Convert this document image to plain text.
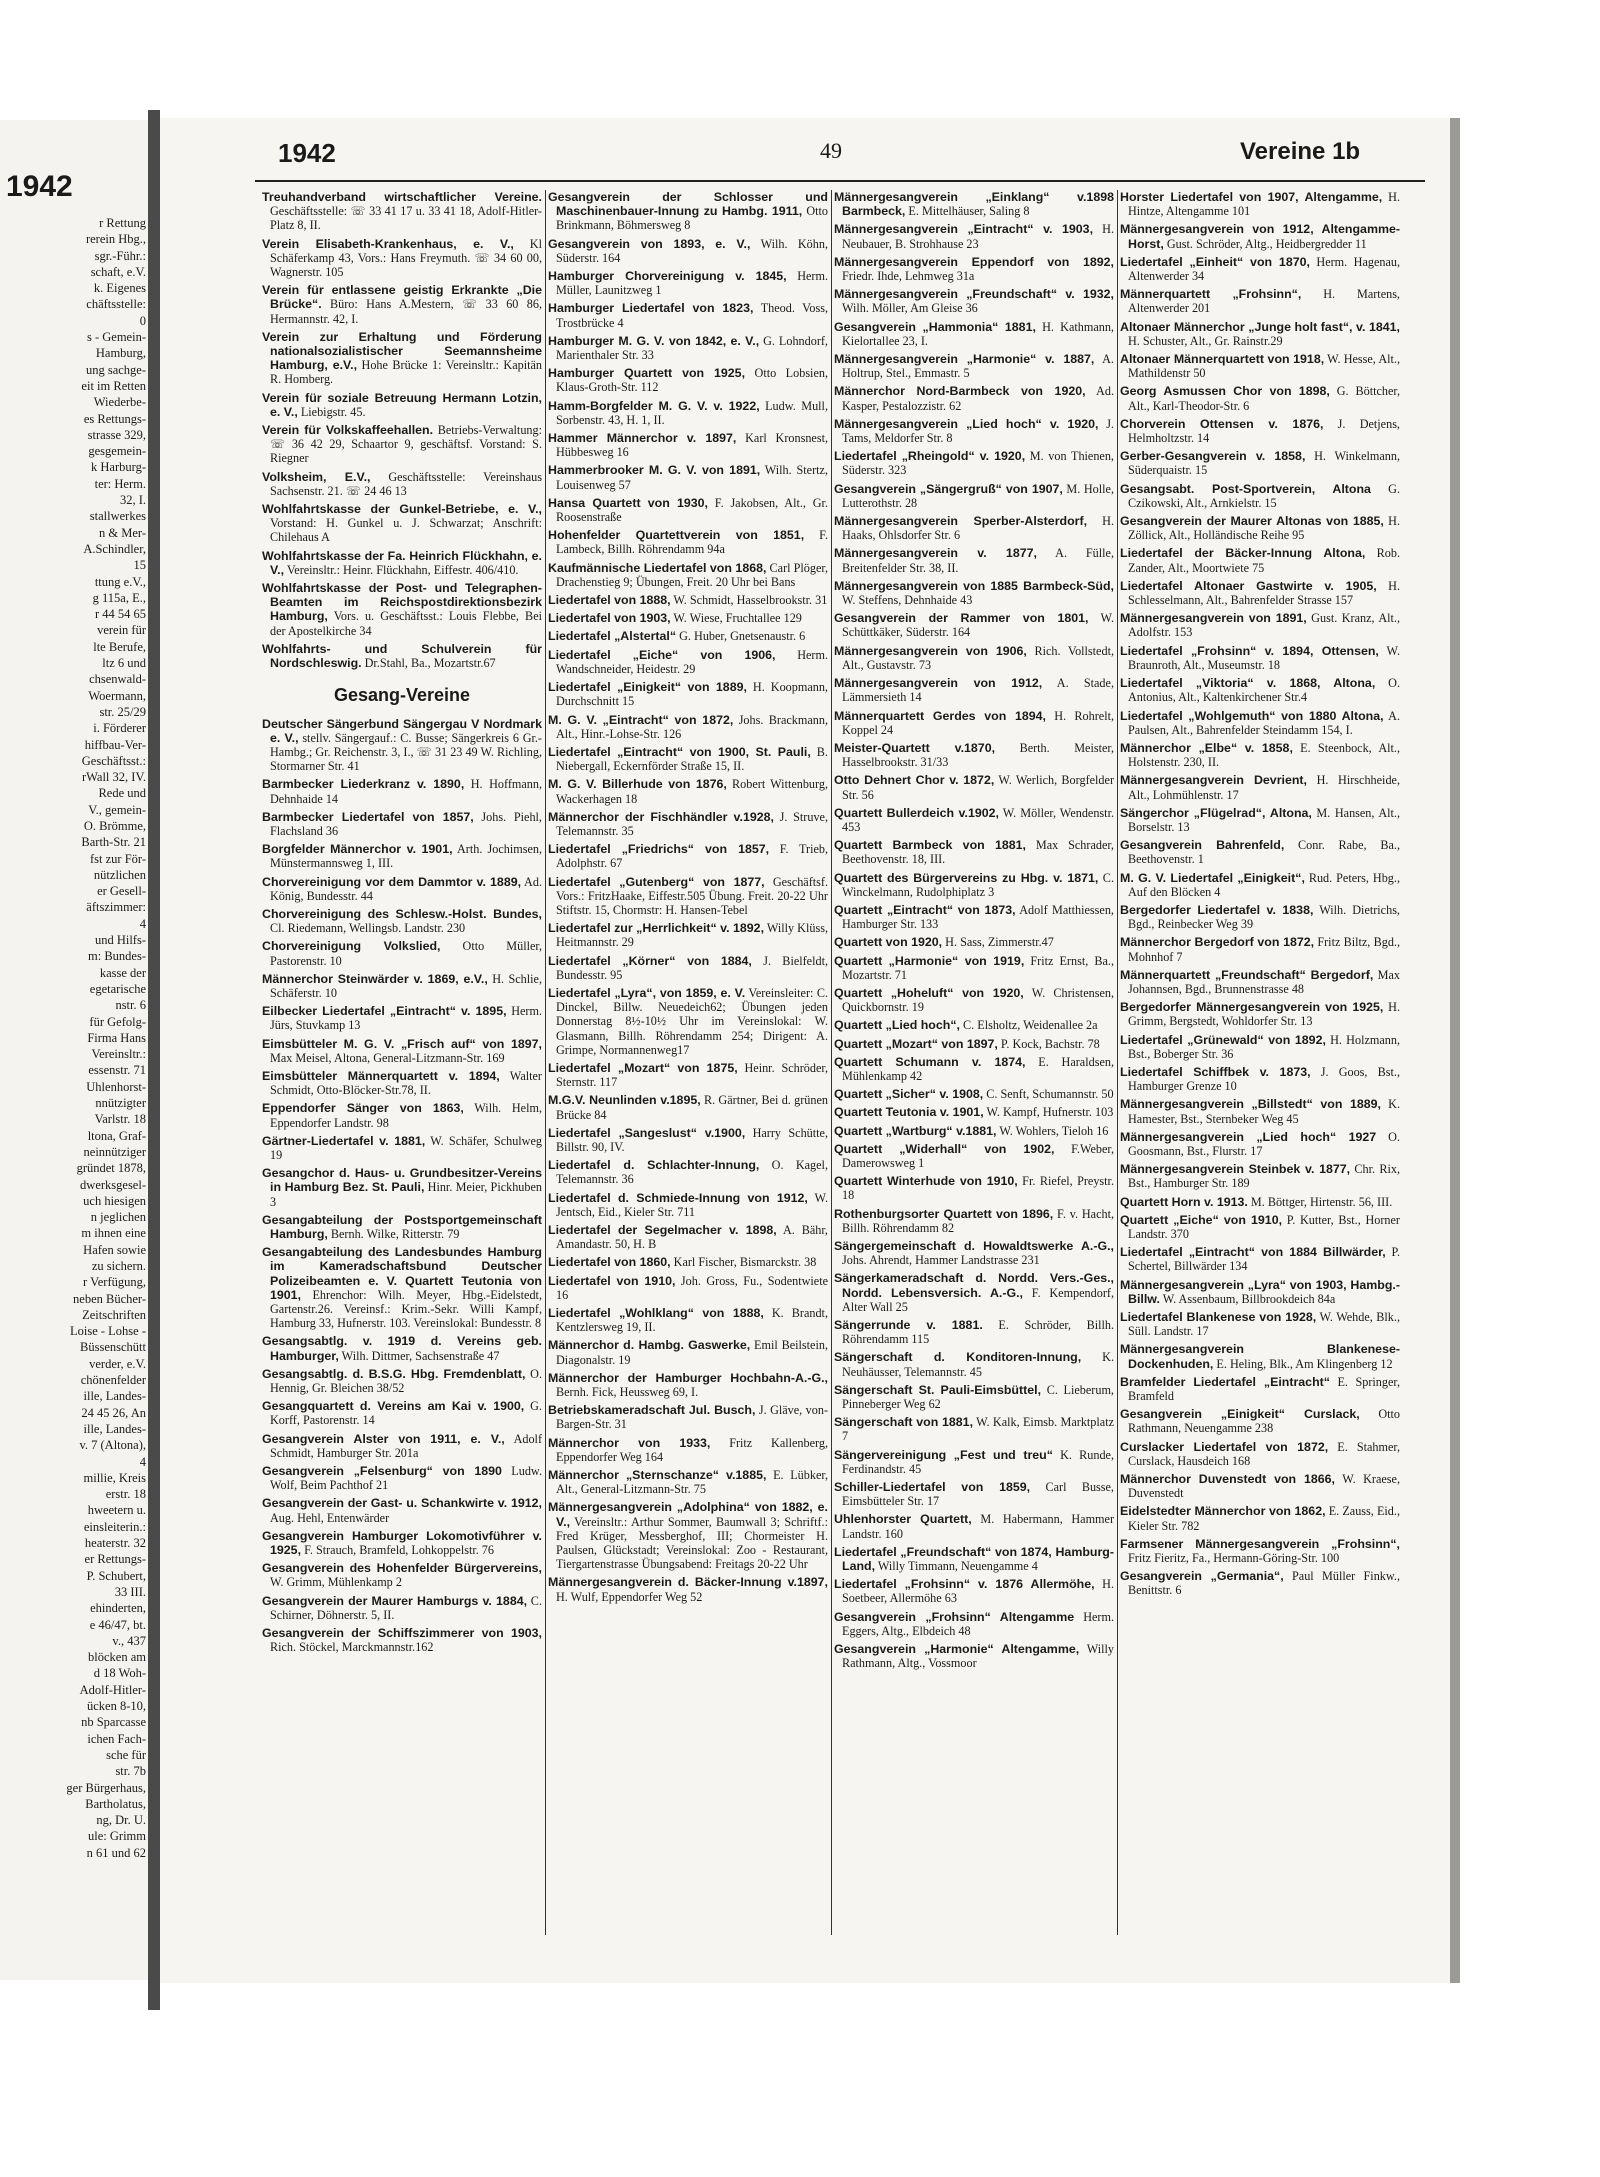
1942
r Rettung
rerein Hbg.,
sgr.-Führ.:
schaft, e.V.
k. Eigenes
chäftsstelle:
0
s - Gemein-
Hamburg,
ung sachge-
eit im Retten
Wiederbe-
es Rettungs-
strasse 329,
gesgemein-
k Harburg-
ter: Herm.
32, I.
stallwerkes
n & Mer-
A.Schindler,
15
ttung e.V.,
g 115a, E.,
r 44 54 65
verein für
lte Berufe,
ltz 6 und
chsenwald-
Woermann,
str. 25/29
i. Förderer
hiffbau-Ver-
Geschäftsst.:
rWall 32, IV.
Rede und
V., gemein-
O. Brömme,
Barth-Str. 21
fst zur För-
nützlichen
er Gesell-
äftszimmer:
4
und Hilfs-
m: Bundes-
kasse der
egetarische
nstr. 6
für Gefolg-
Firma Hans
Vereinsltr.:
essenstr. 71
Uhlenhorst-
nnützigter
Varlstr. 18
ltona, Graf-
neinnütziger
gründet 1878,
dwerksgesel-
uch hiesigen
n jeglichen
m ihnen eine
Hafen sowie
zu sichern.
r Verfügung,
neben Bücher-
Zeitschriften
Loise - Lohse -
Büssenschütt
verder, e.V.
chönenfelder
ille, Landes-
24 45 26, An
ille, Landes-
v. 7 (Altona),
4
millie, Kreis
erstr. 18
hweetern u.
einsleiterin.:
heaterstr. 32
er Rettungs-
P. Schubert,
33 III.
ehinderten,
e 46/47, bt.
v., 437
blöcken am
d 18 Woh-
Adolf-Hitler-
ücken 8-10,
nb Sparcasse
ichen Fach-
sche für
str. 7b
ger Bürgerhaus,
Bartholatus,
ng, Dr. U.
ule: Grimm
n 61 und 62
1942	49	Vereine 1b
Treuhandverband wirtschaftlicher Vereine. Geschäftsstelle: ☏ 33 41 17 u. 33 41 18, Adolf-Hitler-Platz 8, II.
Verein Elisabeth-Krankenhaus, e. V., Kl Schäferkamp 43, Vors.: Hans Freymuth. ☏ 34 60 00, Wagnerstr. 105
Verein für entlassene geistig Erkrankte „Die Brücke“. Büro: Hans A.Mestern, ☏ 33 60 86, Hermannstr. 42, I.
Verein zur Erhaltung und Förderung nationalsozialistischer Seemannsheime Hamburg, e.V., Hohe Brücke 1: Vereinsltr.: Kapitän R. Homberg.
Verein für soziale Betreuung Hermann Lotzin, e. V., Liebigstr. 45.
Verein für Volkskaffeehallen. Betriebs-Verwaltung: ☏ 36 42 29, Schaartor 9, geschäftsf. Vorstand: S. Riegner
Volksheim, E.V., Geschäftsstelle: Vereinshaus Sachsenstr. 21. ☏ 24 46 13
Wohlfahrtskasse der Gunkel-Betriebe, e. V., Vorstand: H. Gunkel u. J. Schwarzat; Anschrift: Chilehaus A
Wohlfahrtskasse der Fa. Heinrich Flückhahn, e. V., Vereinsltr.: Heinr. Flückhahn, Eiffestr. 406/410.
Wohlfahrtskasse der Post- und Telegraphen-Beamten im Reichspostdirektionsbezirk Hamburg, Vors. u. Geschäftsst.: Louis Flebbe, Bei der Apostelkirche 34
Wohlfahrts- und Schulverein für Nordschleswig. Dr.Stahl, Ba., Mozartstr.67
Gesang-Vereine
Deutscher Sängerbund Sängergau V Nordmark e. V., stellv. Sängergauf.: C. Busse; Sängerkreis 6 Gr.-Hambg.; Gr. Reichenstr. 3, I., ☏ 31 23 49 W. Richling, Stormarner Str. 41
Barmbecker Liederkranz v. 1890, H. Hoffmann, Dehnhaide 14
Barmbecker Liedertafel von 1857, Johs. Piehl, Flachsland 36
Borgfelder Männerchor v. 1901, Arth. Jochimsen, Münstermannsweg 1, III.
Chorvereinigung vor dem Dammtor v. 1889, Ad. König, Bundesstr. 44
Chorvereinigung des Schlesw.-Holst. Bundes, Cl. Riedemann, Wellingsb. Landstr. 230
Chorvereinigung Volkslied, Otto Müller, Pastorenstr. 10
Männerchor Steinwärder v. 1869, e.V., H. Schlie, Schäferstr. 10
Eilbecker Liedertafel „Eintracht“ v. 1895, Herm. Jürs, Stuvkamp 13
Eimsbütteler M. G. V. „Frisch auf“ von 1897, Max Meisel, Altona, General-Litzmann-Str. 169
Eimsbütteler Männerquartett v. 1894, Walter Schmidt, Otto-Blöcker-Str.78, II.
Eppendorfer Sänger von 1863, Wilh. Helm, Eppendorfer Landstr. 98
Gärtner-Liedertafel v. 1881, W. Schäfer, Schulweg 19
Gesangchor d. Haus- u. Grundbesitzer-Vereins in Hamburg Bez. St. Pauli, Hinr. Meier, Pickhuben 3
Gesangabteilung der Postsportgemeinschaft Hamburg, Bernh. Wilke, Ritterstr. 79
Gesangabteilung des Landesbundes Hamburg im Kameradschaftsbund Deutscher Polizeibeamten e. V. Quartett Teutonia von 1901, Ehrenchor: Wilh. Meyer, Hbg.-Eidelstedt, Gartenstr.26. Vereinsf.: Krim.-Sekr. Willi Kampf, Hamburg 33, Hufnerstr. 103. Vereinslokal: Bundesstr. 8
Gesangsabtlg. v. 1919 d. Vereins geb. Hamburger, Wilh. Dittmer, Sachsenstraße 47
Gesangsabtlg. d. B.S.G. Hbg. Fremdenblatt, O. Hennig, Gr. Bleichen 38/52
Gesangquartett d. Vereins am Kai v. 1900, G. Korff, Pastorenstr. 14
Gesangverein Alster von 1911, e. V., Adolf Schmidt, Hamburger Str. 201a
Gesangverein „Felsenburg“ von 1890 Ludw. Wolf, Beim Pachthof 21
Gesangverein der Gast- u. Schankwirte v. 1912, Aug. Hehl, Entenwärder
Gesangverein Hamburger Lokomotivführer v. 1925, F. Strauch, Bramfeld, Lohkoppelstr. 76
Gesangverein des Hohenfelder Bürgervereins, W. Grimm, Mühlenkamp 2
Gesangverein der Maurer Hamburgs v. 1884, C. Schirner, Döhnerstr. 5, II.
Gesangverein der Schiffszimmerer von 1903, Rich. Stöckel, Marckmannstr.162
Gesangverein der Schlosser und Maschinenbauer-Innung zu Hambg. 1911, Otto Brinkmann, Böhmersweg 8
Gesangverein von 1893, e. V., Wilh. Köhn, Süderstr. 164
Hamburger Chorvereinigung v. 1845, Herm. Müller, Launitzweg 1
Hamburger Liedertafel von 1823, Theod. Voss, Trostbrücke 4
Hamburger M. G. V. von 1842, e. V., G. Lohndorf, Marienthaler Str. 33
Hamburger Quartett von 1925, Otto Lobsien, Klaus-Groth-Str. 112
Hamm-Borgfelder M. G. V. v. 1922, Ludw. Mull, Sorbenstr. 43, H. 1, II.
Hammer Männerchor v. 1897, Karl Kronsnest, Hübbesweg 16
Hammerbrooker M. G. V. von 1891, Wilh. Stertz, Louisenweg 57
Hansa Quartett von 1930, F. Jakobsen, Alt., Gr. Roosenstraße
Hohenfelder Quartettverein von 1851, F. Lambeck, Billh. Röhrendamm 94a
Kaufmännische Liedertafel von 1868, Carl Plöger, Drachenstieg 9; Übungen, Freit. 20 Uhr bei Bans
Liedertafel von 1888, W. Schmidt, Hasselbrookstr. 31
Liedertafel von 1903, W. Wiese, Fruchtallee 129
Liedertafel „Alstertal“ G. Huber, Gnetsenaustr. 6
Liedertafel „Eiche“ von 1906, Herm. Wandschneider, Heidestr. 29
Liedertafel „Einigkeit“ von 1889, H. Koopmann, Durchschnitt 15
M. G. V. „Eintracht“ von 1872, Johs. Brackmann, Alt., Hinr.-Lohse-Str. 126
Liedertafel „Eintracht“ von 1900, St. Pauli, B. Niebergall, Eckernförder Straße 15, II.
M. G. V. Billerhude von 1876, Robert Wittenburg, Wackerhagen 18
Männerchor der Fischhändler v.1928, J. Struve, Telemannstr. 35
Liedertafel „Friedrichs“ von 1857, F. Trieb, Adolphstr. 67
Liedertafel „Gutenberg“ von 1877, Geschäftsf. Vors.: FritzHaake, Eiffestr.505 Übung. Freit. 20-22 Uhr Stiftstr. 15, Chormstr: H. Hansen-Tebel
Liedertafel zur „Herrlichkeit“ v. 1892, Willy Klüss, Heitmannstr. 29
Liedertafel „Körner“ von 1884, J. Bielfeldt, Bundesstr. 95
Liedertafel „Lyra“, von 1859, e. V. Vereinsleiter: C. Dinckel, Billw. Neuedeich62; Übungen jeden Donnerstag 8½-10½ Uhr im Vereinslokal: W. Glasmann, Billh. Röhrendamm 254; Dirigent: A. Grimpe, Normannenweg17
Liedertafel „Mozart“ von 1875, Heinr. Schröder, Sternstr. 117
M.G.V. Neunlinden v.1895, R. Gärtner, Bei d. grünen Brücke 84
Liedertafel „Sangeslust“ v.1900, Harry Schütte, Billstr. 90, IV.
Liedertafel d. Schlachter-Innung, O. Kagel, Telemannstr. 36
Liedertafel d. Schmiede-Innung von 1912, W. Jentsch, Eid., Kieler Str. 711
Liedertafel der Segelmacher v. 1898, A. Bähr, Amandastr. 50, H. B
Liedertafel von 1860, Karl Fischer, Bismarckstr. 38
Liedertafel von 1910, Joh. Gross, Fu., Sodentwiete 16
Liedertafel „Wohlklang“ von 1888, K. Brandt, Kentzlersweg 19, II.
Männerchor d. Hambg. Gaswerke, Emil Beilstein, Diagonalstr. 19
Männerchor der Hamburger Hochbahn-A.-G., Bernh. Fick, Heussweg 69, I.
Betriebskameradschaft Jul. Busch, J. Gläve, von-Bargen-Str. 31
Männerchor von 1933, Fritz Kallenberg, Eppendorfer Weg 164
Männerchor „Sternschanze“ v.1885, E. Lübker, Alt., General-Litzmann-Str. 75
Männergesangverein „Adolphina“ von 1882, e. V., Vereinsltr.: Arthur Sommer, Baumwall 3; Schriftf.: Fred Krüger, Messberghof, III; Chormeister H. Paulsen, Glückstadt; Vereinslokal: Zoo - Restaurant, Tiergartenstrasse Übungsabend: Freitags 20-22 Uhr
Männergesangverein d. Bäcker-Innung v.1897, H. Wulf, Eppendorfer Weg 52
Männergesangverein „Einklang“ v.1898 Barmbeck, E. Mittelhäuser, Saling 8
Männergesangverein „Eintracht“ v. 1903, H. Neubauer, B. Strohhause 23
Männergesangverein Eppendorf von 1892, Friedr. Ihde, Lehmweg 31a
Männergesangverein „Freundschaft“ v. 1932, Wilh. Möller, Am Gleise 36
Gesangverein „Hammonia“ 1881, H. Kathmann, Kielortallee 23, I.
Männergesangverein „Harmonie“ v. 1887, A. Holtrup, Stel., Emmastr. 5
Männerchor Nord-Barmbeck von 1920, Ad. Kasper, Pestalozzistr. 62
Männergesangverein „Lied hoch“ v. 1920, J. Tams, Meldorfer Str. 8
Liedertafel „Rheingold“ v. 1920, M. von Thienen, Süderstr. 323
Gesangverein „Sängergruß“ von 1907, M. Holle, Lutterothstr. 28
Männergesangverein Sperber-Alsterdorf, H. Haaks, Ohlsdorfer Str. 6
Männergesangverein v. 1877, A. Fülle, Breitenfelder Str. 38, II.
Männergesangverein von 1885 Barmbeck-Süd, W. Steffens, Dehnhaide 43
Gesangverein der Rammer von 1801, W. Schüttkäker, Süderstr. 164
Männergesangverein von 1906, Rich. Vollstedt, Alt., Gustavstr. 73
Männergesangverein von 1912, A. Stade, Lämmersieth 14
Männerquartett Gerdes von 1894, H. Rohrelt, Koppel 24
Meister-Quartett v.1870, Berth. Meister, Hasselbrookstr. 31/33
Otto Dehnert Chor v. 1872, W. Werlich, Borgfelder Str. 56
Quartett Bullerdeich v.1902, W. Möller, Wendenstr. 453
Quartett Barmbeck von 1881, Max Schrader, Beethovenstr. 18, III.
Quartett des Bürgervereins zu Hbg. v. 1871, C. Winckelmann, Rudolphiplatz 3
Quartett „Eintracht“ von 1873, Adolf Matthiessen, Hamburger Str. 133
Quartett von 1920, H. Sass, Zimmerstr.47
Quartett „Harmonie“ von 1919, Fritz Ernst, Ba., Mozartstr. 71
Quartett „Hoheluft“ von 1920, W. Christensen, Quickbornstr. 19
Quartett „Lied hoch“, C. Elsholtz, Weidenallee 2a
Quartett „Mozart“ von 1897, P. Kock, Bachstr. 78
Quartett Schumann v. 1874, E. Haraldsen, Mühlenkamp 42
Quartett „Sicher“ v. 1908, C. Senft, Schumannstr. 50
Quartett Teutonia v. 1901, W. Kampf, Hufnerstr. 103
Quartett „Wartburg“ v.1881, W. Wohlers, Tieloh 16
Quartett „Widerhall“ von 1902, F.Weber, Damerowsweg 1
Quartett Winterhude von 1910, Fr. Riefel, Preystr. 18
Rothenburgsorter Quartett von 1896, F. v. Hacht, Billh. Röhrendamm 82
Sängergemeinschaft d. Howaldtswerke A.-G., Johs. Ahrendt, Hammer Landstrasse 231
Sängerkameradschaft d. Nordd. Vers.-Ges., Nordd. Lebensversich. A.-G., F. Kempendorf, Alter Wall 25
Sängerrunde v. 1881. E. Schröder, Billh. Röhrendamm 115
Sängerschaft d. Konditoren-Innung, K. Neuhäusser, Telemannstr. 45
Sängerschaft St. Pauli-Eimsbüttel, C. Lieberum, Pinneberger Weg 62
Sängerschaft von 1881, W. Kalk, Eimsb. Marktplatz 7
Sängervereinigung „Fest und treu“ K. Runde, Ferdinandstr. 45
Schiller-Liedertafel von 1859, Carl Busse, Eimsbütteler Str. 17
Uhlenhorster Quartett, M. Habermann, Hammer Landstr. 160
Liedertafel „Freundschaft“ von 1874, Hamburg-Land, Willy Timmann, Neuengamme 4
Liedertafel „Frohsinn“ v. 1876 Allermöhe, H. Soetbeer, Allermöhe 63
Gesangverein „Frohsinn“ Altengamme Herm. Eggers, Altg., Elbdeich 48
Gesangverein „Harmonie“ Altengamme, Willy Rathmann, Altg., Vossmoor
Horster Liedertafel von 1907, Altengamme, H. Hintze, Altengamme 101
Männergesangverein von 1912, Altengamme-Horst, Gust. Schröder, Altg., Heidbergredder 11
Liedertafel „Einheit“ von 1870, Herm. Hagenau, Altenwerder 34
Männerquartett „Frohsinn“, H. Martens, Altenwerder 201
Altonaer Männerchor „Junge holt fast“, v. 1841, H. Schuster, Alt., Gr. Rainstr.29
Altonaer Männerquartett von 1918, W. Hesse, Alt., Mathildenstr 50
Georg Asmussen Chor von 1898, G. Böttcher, Alt., Karl-Theodor-Str. 6
Chorverein Ottensen v. 1876, J. Detjens, Helmholtzstr. 14
Gerber-Gesangverein v. 1858, H. Winkelmann, Süderquaistr. 15
Gesangsabt. Post-Sportverein, Altona G. Czikowski, Alt., Arnkielstr. 15
Gesangverein der Maurer Altonas von 1885, H. Zöllick, Alt., Holländische Reihe 95
Liedertafel der Bäcker-Innung Altona, Rob. Zander, Alt., Moortwiete 75
Liedertafel Altonaer Gastwirte v. 1905, H. Schlesselmann, Alt., Bahrenfelder Strasse 157
Männergesangverein von 1891, Gust. Kranz, Alt., Adolfstr. 153
Liedertafel „Frohsinn“ v. 1894, Ottensen, W. Braunroth, Alt., Museumstr. 18
Liedertafel „Viktoria“ v. 1868, Altona, O. Antonius, Alt., Kaltenkirchener Str.4
Liedertafel „Wohlgemuth“ von 1880 Altona, A. Paulsen, Alt., Bahrenfelder Steindamm 154, I.
Männerchor „Elbe“ v. 1858, E. Steenbock, Alt., Holstenstr. 230, II.
Männergesangverein Devrient, H. Hirschheide, Alt., Lohmühlenstr. 17
Sängerchor „Flügelrad“, Altona, M. Hansen, Alt., Borselstr. 13
Gesangverein Bahrenfeld, Conr. Rabe, Ba., Beethovenstr. 1
M. G. V. Liedertafel „Einigkeit“, Rud. Peters, Hbg., Auf den Blöcken 4
Bergedorfer Liedertafel v. 1838, Wilh. Dietrichs, Bgd., Reinbecker Weg 39
Männerchor Bergedorf von 1872, Fritz Biltz, Bgd., Mohnhof 7
Männerquartett „Freundschaft“ Bergedorf, Max Johannsen, Bgd., Brunnenstrasse 48
Bergedorfer Männergesangverein von 1925, H. Grimm, Bergstedt, Wohldorfer Str. 13
Liedertafel „Grünewald“ von 1892, H. Holzmann, Bst., Boberger Str. 36
Liedertafel Schiffbek v. 1873, J. Goos, Bst., Hamburger Grenze 10
Männergesangverein „Billstedt“ von 1889, K. Hamester, Bst., Sternbeker Weg 45
Männergesangverein „Lied hoch“ 1927 O. Goosmann, Bst., Flurstr. 17
Männergesangverein Steinbek v. 1877, Chr. Rix, Bst., Hamburger Str. 189
Quartett Horn v. 1913. M. Böttger, Hirtenstr. 56, III.
Quartett „Eiche“ von 1910, P. Kutter, Bst., Horner Landstr. 370
Liedertafel „Eintracht“ von 1884 Billwärder, P. Schertel, Billwärder 134
Männergesangverein „Lyra“ von 1903, Hambg.-Billw. W. Assenbaum, Billbrookdeich 84a
Liedertafel Blankenese von 1928, W. Wehde, Blk., Süll. Landstr. 17
Männergesangverein Blankenese-Dockenhuden, E. Heling, Blk., Am Klingenberg 12
Bramfelder Liedertafel „Eintracht“ E. Springer, Bramfeld
Gesangverein „Einigkeit“ Curslack, Otto Rathmann, Neuengamme 238
Curslacker Liedertafel von 1872, E. Stahmer, Curslack, Hausdeich 168
Männerchor Duvenstedt von 1866, W. Kraese, Duvenstedt
Eidelstedter Männerchor von 1862, E. Zauss, Eid., Kieler Str. 782
Farmsener Männergesangverein „Frohsinn“, Fritz Fieritz, Fa., Hermann-Göring-Str. 100
Gesangverein „Germania“, Paul Müller Finkw., Benittstr. 6
